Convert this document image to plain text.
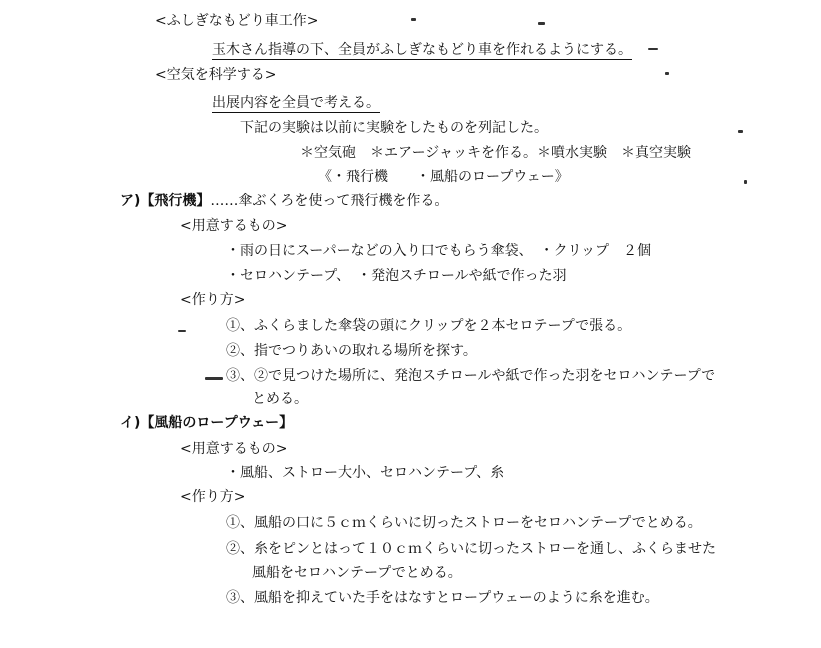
<ふしぎなもどり車工作>
玉木さん指導の下、全員がふしぎなもどり車を作れるようにする。
<空気を科学する>
出展内容を全員で考える。
下記の実験は以前に実験をしたものを列記した。
＊空気砲　＊エアージャッキを作る。＊噴水実験　＊真空実験
《・飛行機　　・風船のロープウェー》
ア)【飛行機】……傘ぶくろを使って飛行機を作る。
<用意するもの>
・雨の日にスーパーなどの入り口でもらう傘袋、　・クリップ　２個
・セロハンテープ、　・発泡スチロールや紙で作った羽
<作り方>
①、ふくらました傘袋の頭にクリップを２本セロテープで張る。
②、指でつりあいの取れる場所を探す。
③、②で見つけた場所に、発泡スチロールや紙で作った羽をセロハンテープで
とめる。
イ)【風船のロープウェー】
<用意するもの>
・風船、ストロー大小、セロハンテープ、糸
<作り方>
①、風船の口に５ｃｍくらいに切ったストローをセロハンテープでとめる。
②、糸をピンとはって１０ｃｍくらいに切ったストローを通し、ふくらませた
風船をセロハンテープでとめる。
③、風船を抑えていた手をはなすとロープウェーのように糸を進む。
